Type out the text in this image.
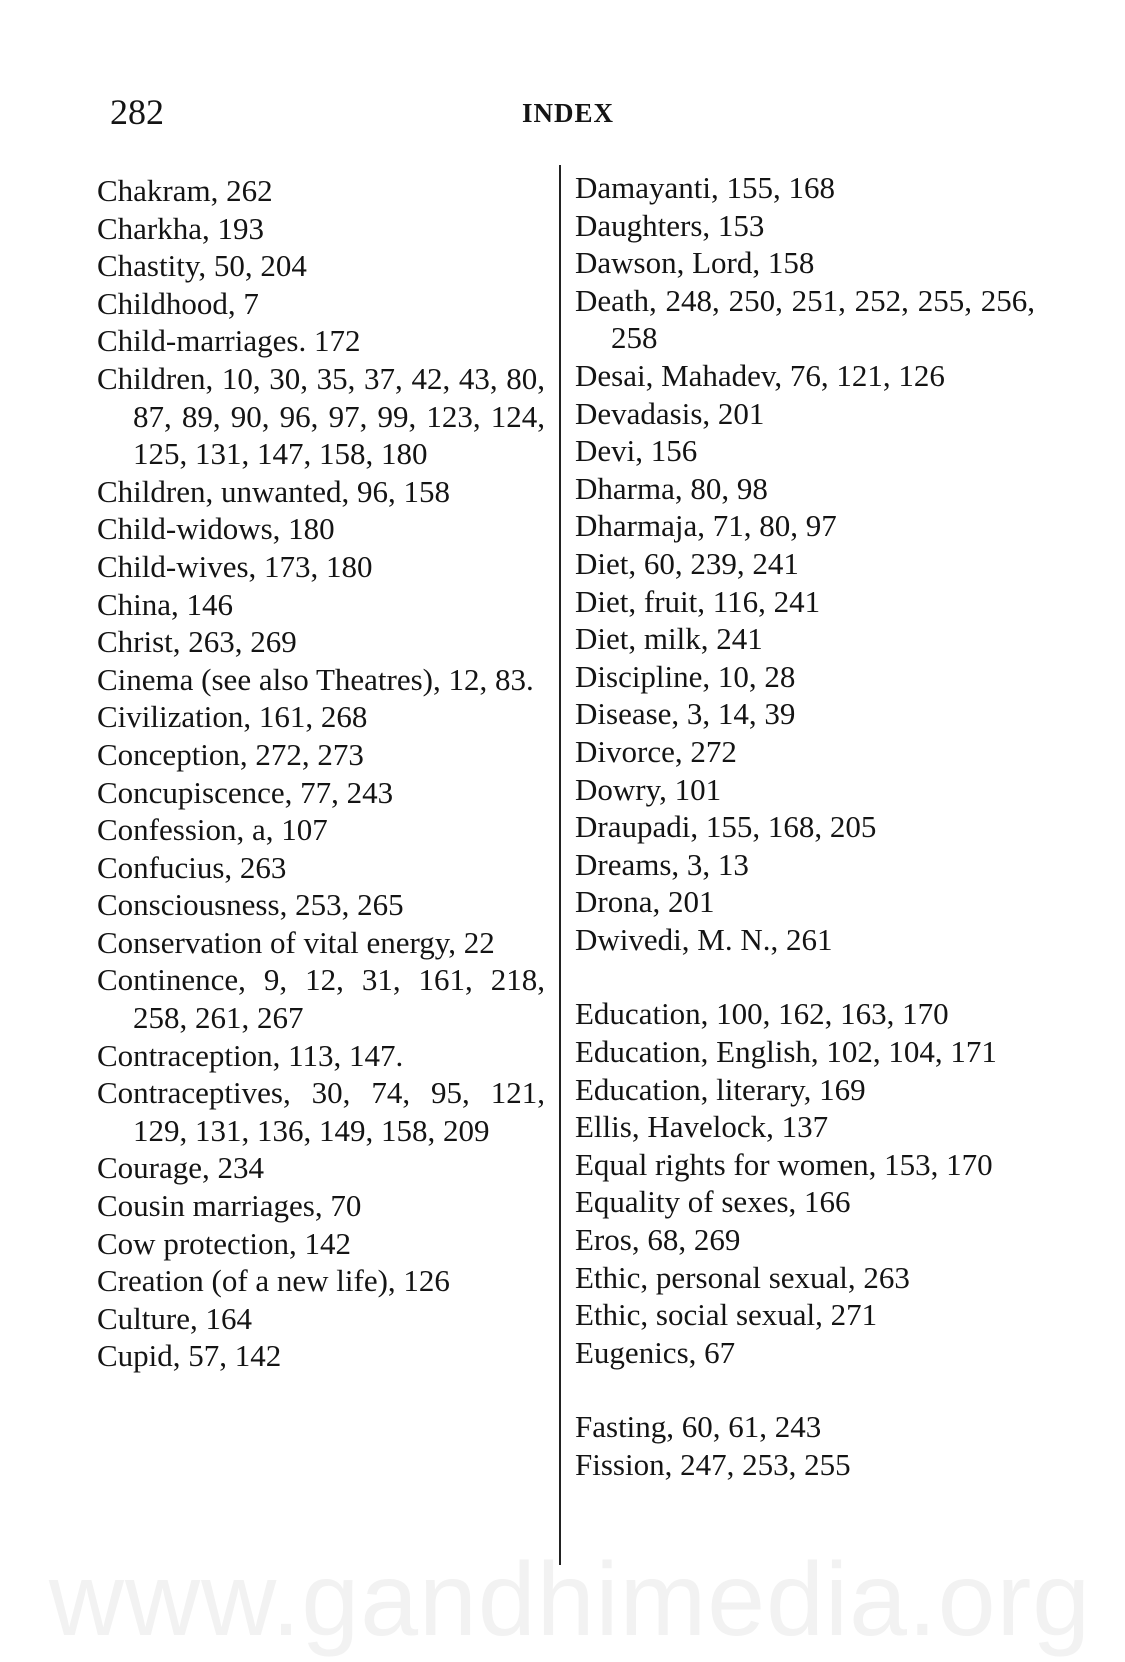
282	INDEX
Chakram, 262
Charkha, 193
Chastity, 50, 204
Childhood, 7
Child-marriages. 172
Children, 10, 30, 35, 37, 42, 43, 80, 87, 89, 90, 96, 97, 99, 123, 124, 125, 131, 147, 158, 180
Children, unwanted, 96, 158
Child-widows, 180
Child-wives, 173, 180
China, 146
Christ, 263, 269
Cinema (see also Theatres), 12, 83.
Civilization, 161, 268
Conception, 272, 273
Concupiscence, 77, 243
Confession, a, 107
Confucius, 263
Consciousness, 253, 265
Conservation of vital energy, 22
Continence, 9, 12, 31, 161, 218, 258, 261, 267
Contraception, 113, 147.
Contraceptives, 30, 74, 95, 121, 129, 131, 136, 149, 158, 209
Courage, 234
Cousin marriages, 70
Cow protection, 142
Creation (of a new life), 126
Culture, 164
Cupid, 57, 142
Damayanti, 155, 168
Daughters, 153
Dawson, Lord, 158
Death, 248, 250, 251, 252, 255, 256, 258
Desai, Mahadev, 76, 121, 126
Devadasis, 201
Devi, 156
Dharma, 80, 98
Dharmaja, 71, 80, 97
Diet, 60, 239, 241
Diet, fruit, 116, 241
Diet, milk, 241
Discipline, 10, 28
Disease, 3, 14, 39
Divorce, 272
Dowry, 101
Draupadi, 155, 168, 205
Dreams, 3, 13
Drona, 201
Dwivedi, M. N., 261
Education, 100, 162, 163, 170
Education, English, 102, 104, 171
Education, literary, 169
Ellis, Havelock, 137
Equal rights for women, 153, 170
Equality of sexes, 166
Eros, 68, 269
Ethic, personal sexual, 263
Ethic, social sexual, 271
Eugenics, 67
Fasting, 60, 61, 243
Fission, 247, 253, 255
www.gandhimedia.org
